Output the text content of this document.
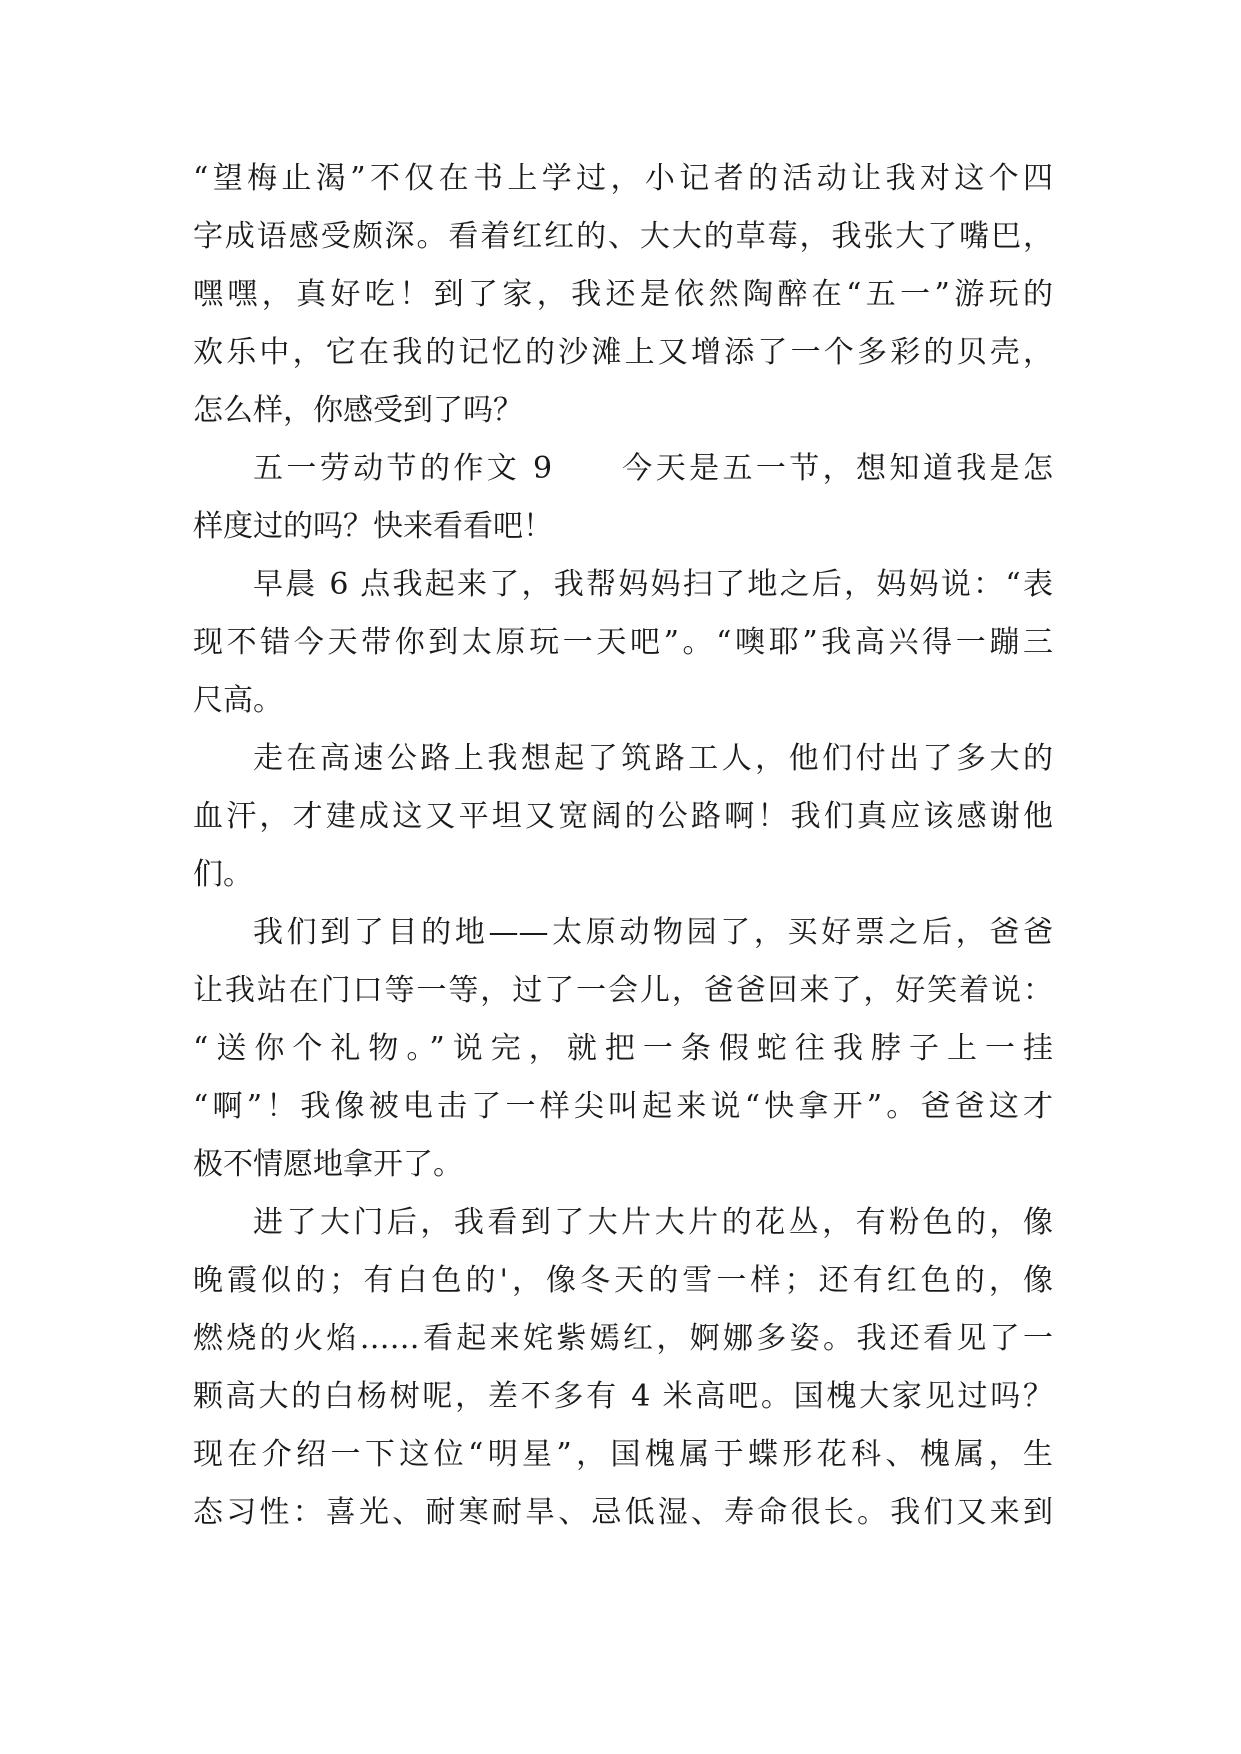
“望梅止渴”不仅在书上学过，小记者的活动让我对这个四
字成语感受颇深。看着红红的、大大的草莓，我张大了嘴巴，
嘿嘿，真好吃！到了家，我还是依然陶醉在“五一”游玩的
欢乐中，它在我的记忆的沙滩上又增添了一个多彩的贝壳，
怎么样，你感受到了吗？
五一劳动节的作文 9　　今天是五一节，想知道我是怎
样度过的吗？快来看看吧！
早晨 6 点我起来了，我帮妈妈扫了地之后，妈妈说：“表
现不错今天带你到太原玩一天吧”。“噢耶”我高兴得一蹦三
尺高。
走在高速公路上我想起了筑路工人，他们付出了多大的
血汗，才建成这又平坦又宽阔的公路啊！我们真应该感谢他
们。
我们到了目的地——太原动物园了，买好票之后，爸爸
让我站在门口等一等，过了一会儿，爸爸回来了，好笑着说：
“送你个礼物。”说完，就把一条假蛇往我脖子上一挂
“啊”！我像被电击了一样尖叫起来说“快拿开”。爸爸这才
极不情愿地拿开了。
进了大门后，我看到了大片大片的花丛，有粉色的，像
晚霞似的；有白色的'，像冬天的雪一样；还有红色的，像
燃烧的火焰……看起来姹紫嫣红，婀娜多姿。我还看见了一
颗高大的白杨树呢，差不多有 4 米高吧。国槐大家见过吗？
现在介绍一下这位“明星”，国槐属于蝶形花科、槐属，生
态习性：喜光、耐寒耐旱、忌低湿、寿命很长。我们又来到
